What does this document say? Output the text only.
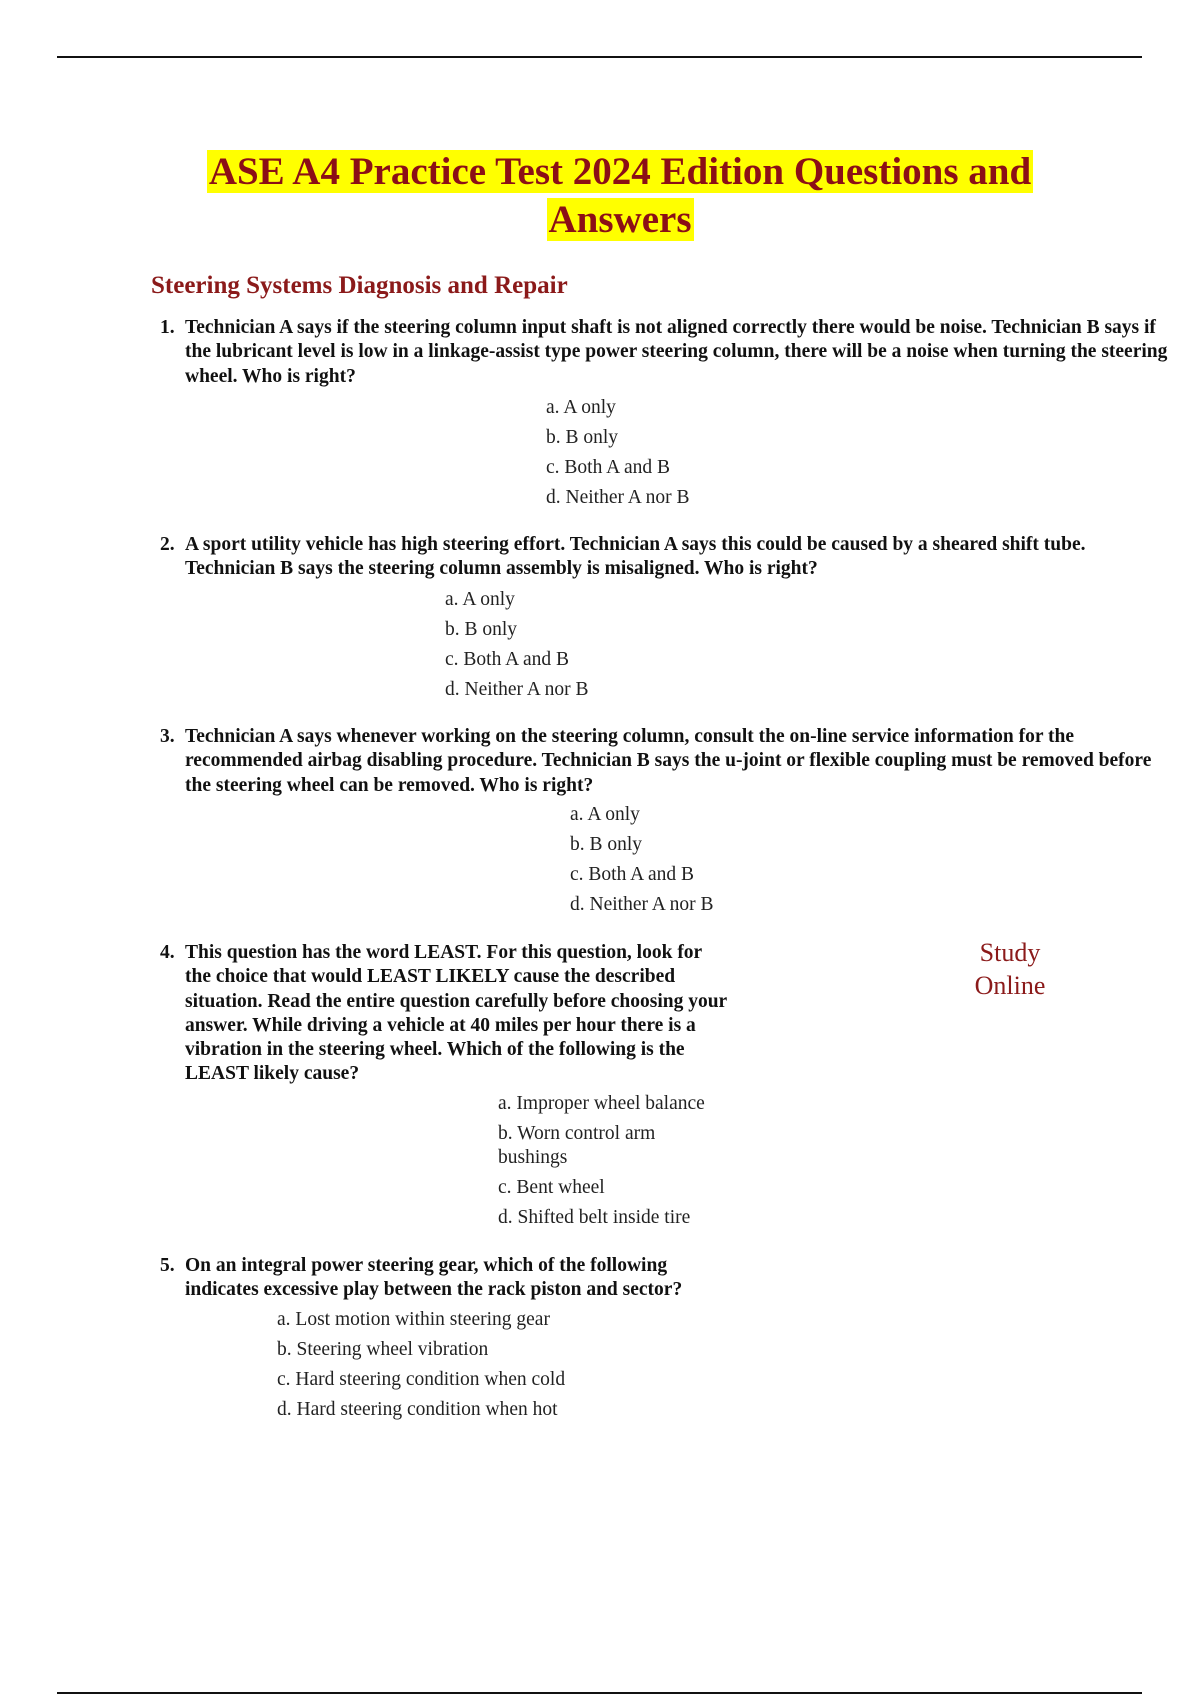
ASE A4 Practice Test 2024 Edition Questions and
Answers
Steering Systems Diagnosis and Repair
1. Technician A says if the steering column input shaft is not aligned correctly there would be noise. Technician B says if the lubricant level is low in a linkage-assist type power steering column, there will be a noise when turning the steering wheel. Who is right?
a. A only
b. B only
c. Both A and B
d. Neither A nor B
2. A sport utility vehicle has high steering effort. Technician A says this could be caused by a sheared shift tube. Technician B says the steering column assembly is misaligned. Who is right?
a. A only
b. B only
c. Both A and B
d. Neither A nor B
3. Technician A says whenever working on the steering column, consult the on-line service information for the recommended airbag disabling procedure. Technician B says the u-joint or flexible coupling must be removed before the steering wheel can be removed. Who is right?
a. A only
b. B only
c. Both A and B
d. Neither A nor B
4. This question has the word LEAST. For this question, look for the choice that would LEAST LIKELY cause the described situation. Read the entire question carefully before choosing your answer. While driving a vehicle at 40 miles per hour there is a vibration in the steering wheel. Which of the following is the LEAST likely cause?
a. Improper wheel balance
b. Worn control arm bushings
c. Bent wheel
d. Shifted belt inside tire
Study
Online
5. On an integral power steering gear, which of the following indicates excessive play between the rack piston and sector?
a. Lost motion within steering gear
b. Steering wheel vibration
c. Hard steering condition when cold
d. Hard steering condition when hot
